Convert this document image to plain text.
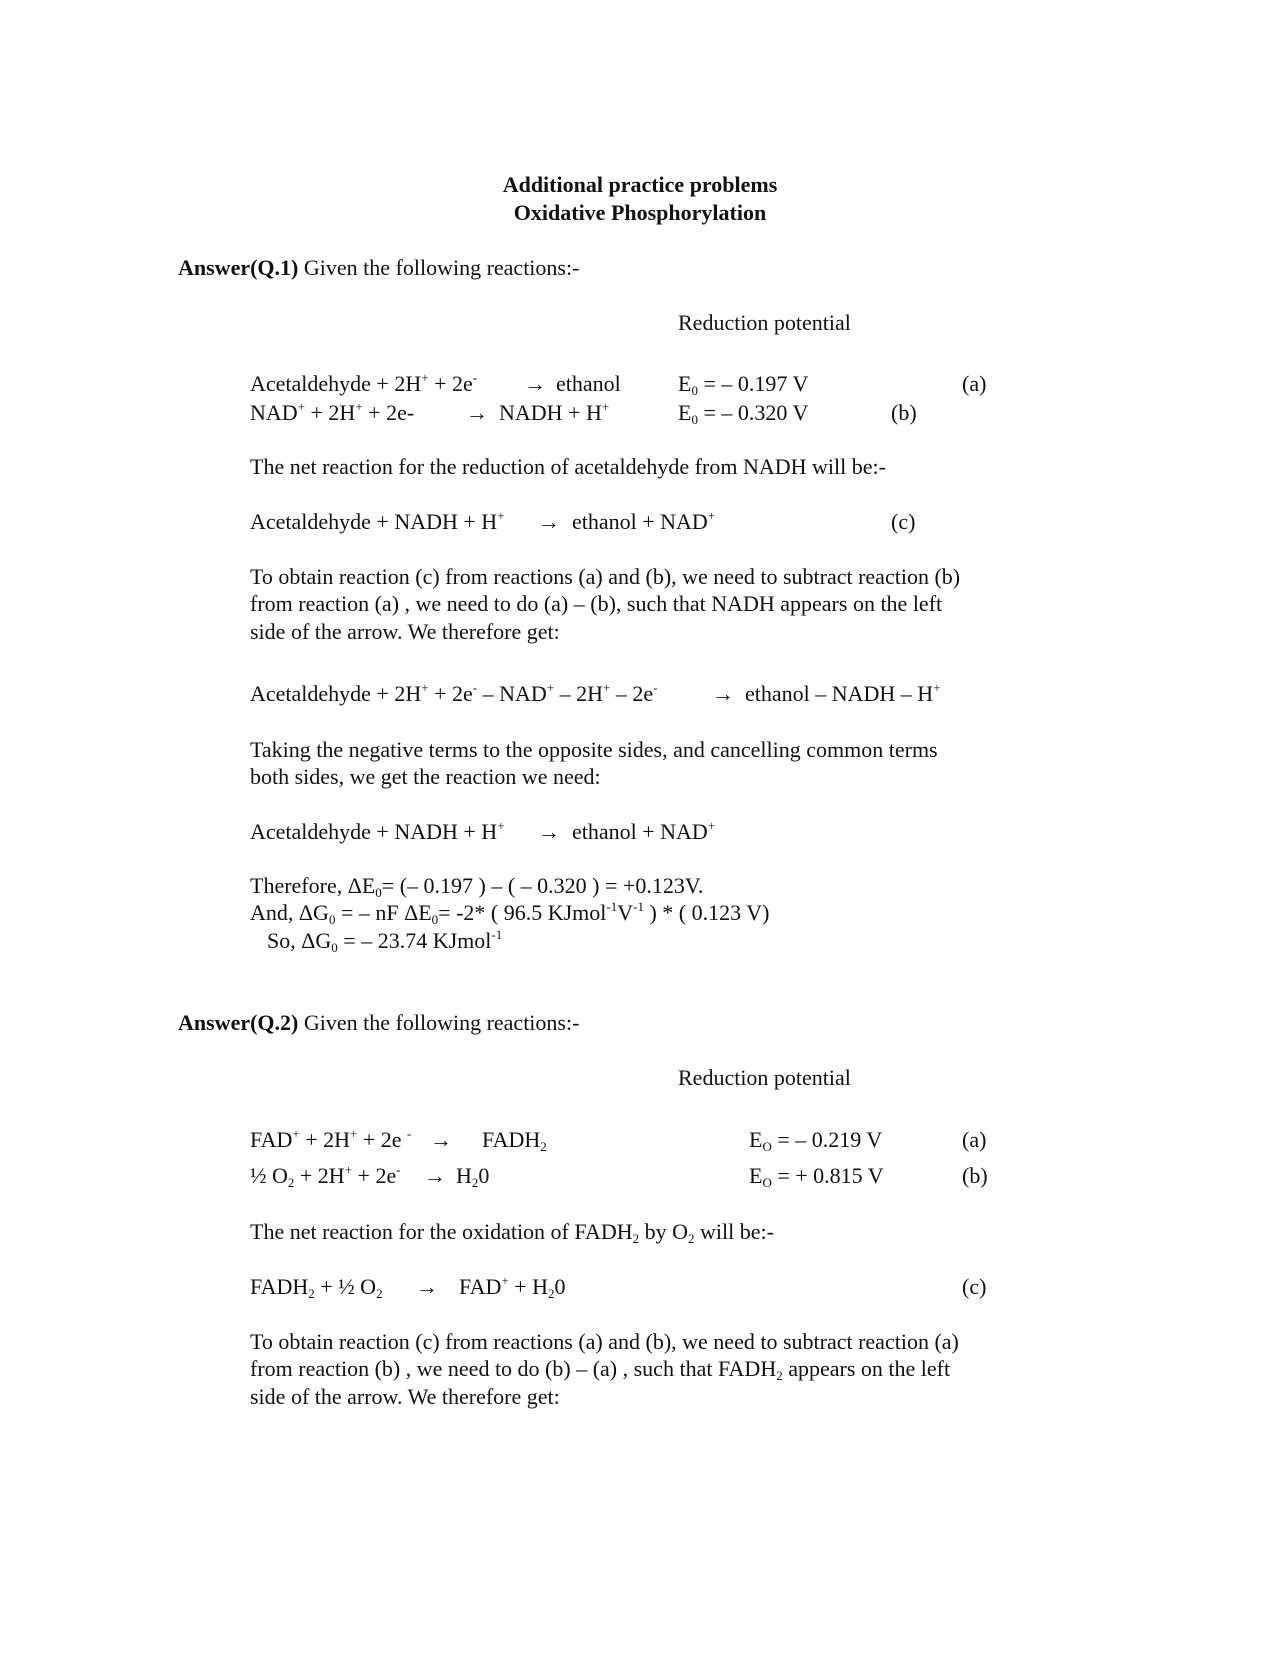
Additional practice problems
Oxidative Phosphorylation
Answer(Q.1) Given the following reactions:-
Reduction potential
Acetaldehyde + 2H+ + 2e- → ethanol	$E_0$ = – 0.197 V	(a)
NAD+ + 2H+ + 2e- → NADH + H+	$E_0$ = – 0.320 V	(b)
The net reaction for the reduction of acetaldehyde from NADH will be:-
Acetaldehyde + NADH + H+ → ethanol + NAD+	(c)
To obtain reaction (c) from reactions (a) and (b), we need to subtract reaction (b)
from reaction (a) , we need to do (a) – (b), such that NADH appears on the left
side of the arrow. We therefore get:
Acetaldehyde + 2H+ + 2e- – NAD+ – 2H+ – 2e- → ethanol – NADH – H+
Taking the negative terms to the opposite sides, and cancelling common terms
both sides, we get the reaction we need:
Acetaldehyde + NADH + H+ → ethanol + NAD+
Therefore, $\Delta E_0=$ (– 0.197 ) – ( – 0.320 ) = +0.123V.
And, $\Delta G_0$ = – nF $\Delta E_0= -2*$ ( 96.5 $KJmol^{-1}V^{-1}$ ) * ( 0.123 V)
So, $\Delta G_0$ = – 23.74 KJmol$^{-1}$
Answer(Q.2) Given the following reactions:-
Reduction potential
FAD+ + 2H+ + 2e $^- \to FADH_2$	$E_O$ = – 0.219 V	(a)
½ $O_2 + 2H^+ + 2e^- \to H_20$	$E_O$ = + 0.815 V	(b)
The net reaction for the oxidation of $FADH_2$ by $O_2$ will be:-
$FADH_2$ + ½ $O_2 \to FAD^+ + H_20$	(c)
To obtain reaction (c) from reactions (a) and (b), we need to subtract reaction (a)
from reaction (b) , we need to do (b) – (a) , such that $FADH_2$ appears on the left
side of the arrow. We therefore get:
